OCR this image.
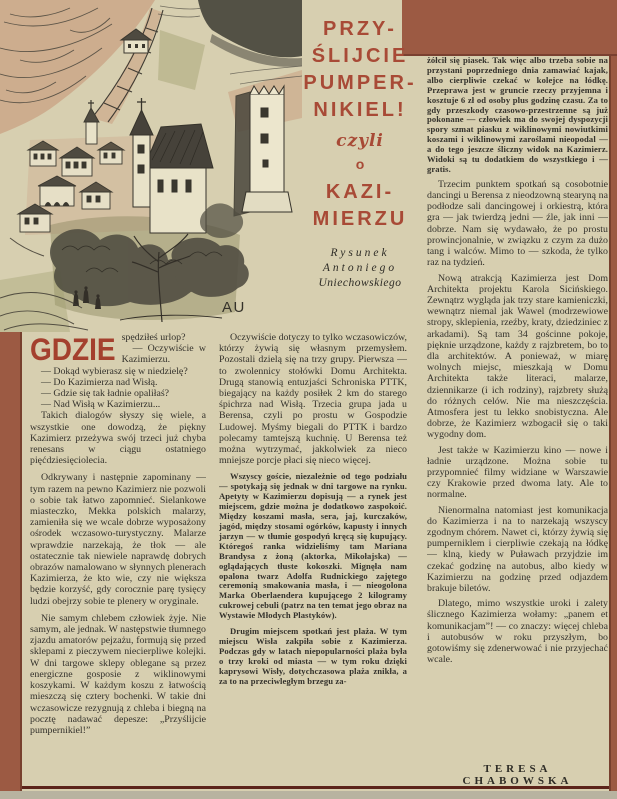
AU
PRZY-
ŚLIJCIE
PUMPER-
NIKIEL!
czyli
o
KAZI-
MIERZU
Rysunek
Antoniego
Uniechowskiego

GDZIE spędziłeś urlop?

— Oczywiście w Kazimierzu.

— Dokąd wybierasz się w niedzielę?

— Do Kazimierza nad Wisłą.

— Gdzie się tak ładnie opaliłaś?

— Nad Wisłą w Kazimierzu...

Takich dialogów słyszy się wiele, a wszystkie one dowodzą, że piękny Kazimierz przeżywa swój trzeci już chyba renesans w ciągu ostatniego pięćdziesięciolecia.

Odkrywany i następnie zapominany — tym razem na pewno Kazimierz nie pozwoli o sobie tak łatwo zapomnieć. Sielankowe miasteczko, Mekka polskich malarzy, zamieniła się we wcale dobrze wyposażony ośrodek wczasowo-turystyczny. Malarze wprawdzie narzekają, że tłok — ale ostatecznie tak niewiele naprawdę dobrych obrazów namalowano w słynnych plenerach Kazimierza, że kto wie, czy nie większa będzie korzyść, gdy corocznie parę tysięcy ludzi obejrzy sobie te plenery w oryginale.

Nie samym chlebem człowiek żyje. Nie samym, ale jednak. W następstwie tłumnego zjazdu amatorów pejzażu, formują się przed sklepami z pieczywem niecierpliwe kolejki. W dni targowe sklepy oblegane są przez energiczne gosposie z wiklinowymi koszykami. W każdym koszu z łatwością mieszczą się cztery bochenki. W takie dni wczasowicze rezygnują z chleba i biegną na pocztę nadawać depesze: „Przyślijcie pumpernikiel!”

Oczywiście dotyczy to tylko wczasowiczów, którzy żywią się własnym przemysłem. Pozostali dzielą się na trzy grupy. Pierwsza — to zwolennicy stołówki Domu Architekta. Drugą stanowią entuzjaści Schroniska PTTK, biegający na każdy posiłek 2 km do starego śpichrza nad Wisłą. Trzecia grupa jada u Berensa, czyli po prostu w Gospodzie Ludowej. Myśmy biegali do PTTK i bardzo polecamy tamtejszą kuchnię. U Berensa też można wytrzymać, jakkolwiek za nieco mniejsze porcje płaci się nieco więcej.

Wszyscy goście, niezależnie od tego podziału — spotykają się jednak w dni targowe na rynku. Apetyty w Kazimierzu dopisują — a rynek jest miejscem, gdzie można je dodatkowo zaspokoić. Między koszami masła, sera, jaj, kurczaków, jagód, między stosami ogórków, kapusty i innych jarzyn — w tłumie gospodyń kręcą się kupujący. Któregoś ranka widzieliśmy tam Mariana Brandysa z żoną (aktorka, Mikołajska) — oglądających tłuste kokoszki. Mignęła nam opalona twarz Adolfa Rudnickiego zajętego ceremonią smakowania masła, i — nieogolona Marka Oberlaendera kupującego 2 kilogramy cukrowej cebuli (patrz na ten temat jego obraz na Wystawie Młodych Plastyków).

Drugim miejscem spotkań jest plaża. W tym miejscu Wisła zakpiła sobie z Kazimierza. Podczas gdy w latach niepopularności plaża była o trzy kroki od miasta — w tym roku dzięki kaprysowi Wisły, dotychczasowa plaża znikła, a za to na przeciwległym brzegu za-

żółcił się piasek. Tak więc albo trzeba sobie na przystani poprzedniego dnia zamawiać kajak, albo cierpliwie czekać w kolejce na łódkę. Przeprawa jest w gruncie rzeczy przyjemna i kosztuje 6 zł od osoby plus godzinę czasu. Za to gdy przeszkody czasowo-przestrzenne są już pokonane — człowiek ma do swojej dyspozycji spory szmat piasku z wiklinowymi nowiutkimi koszami i wiklinowymi zaroślami nieopodal — a do tego jeszcze śliczny widok na Kazimierz. Widoki są tu dodatkiem do wszystkiego i — gratis.

Trzecim punktem spotkań są cosobotnie dancingi u Berensa z nieodzowną stearyną na podłodze sali dancingowej i orkiestrą, która gra — jak twierdzą jedni — źle, jak inni — dobrze. Nam się wydawało, że po prostu prowincjonalnie, w związku z czym za dużo tang i walców. Mimo to — szkoda, że tylko raz na tydzień.

Nową atrakcją Kazimierza jest Dom Architekta projektu Karola Sicińskiego. Zewnątrz wygląda jak trzy stare kamieniczki, wewnątrz niemal jak Wawel (modrzewiowe stropy, sklepienia, rzeźby, kraty, dziedziniec z arkadami). Są tam 34 gościnne pokoje, pięknie urządzone, każdy z rajzbretem, bo to dla architektów. A ponieważ, w miarę wolnych miejsc, mieszkają w Domu Architekta także literaci, malarze, dziennikarze (i ich rodziny), rajzbrety służą do różnych celów. Nie ma nieszczęścia. Atmosfera jest tu lekko snobistyczna. Ale dobrze, że Kazimierz wzbogacił się o taki wygodny dom.

Jest także w Kazimierzu kino — nowe i ładnie urządzone. Można sobie tu przypomnieć filmy widziane w Warszawie czy Krakowie przed dwoma laty. Ale to normalne.

Nienormalna natomiast jest komunikacja do Kazimierza i na to narzekają wszyscy zgodnym chórem. Nawet ci, którzy żywią się pumperniklem i cierpliwie czekają na łódkę — klną, kiedy w Puławach przyjdzie im czekać godzinę na autobus, albo kiedy w Kazimierzu na godzinę przed odjazdem brakuje biletów.

Dlatego, mimo wszystkie uroki i zalety ślicznego Kazimierza wołamy: „panem et komunikacjam”! — co znaczy: więcej chleba i autobusów w roku przyszłym, bo gotowiśmy się zdenerwować i nie przyjechać wcale.

TERESA CHABOWSKA
